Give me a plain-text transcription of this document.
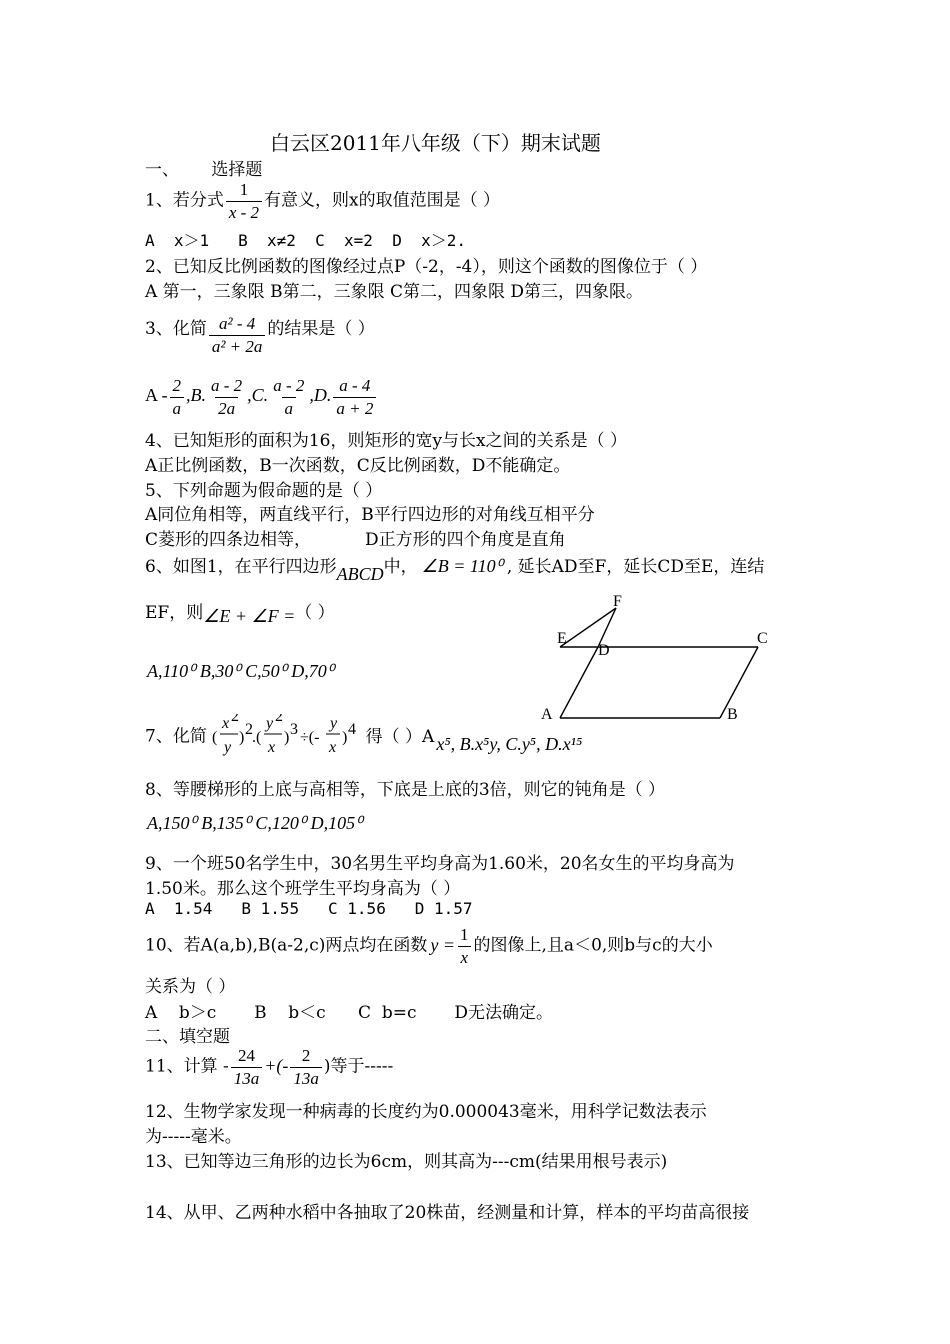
白云区2011年八年级（下）期末试题
一、      选择题
1、若分式 $\frac{1}{x - 2}$ 有意义，则x的取值范围是（ ）
A  x＞1   B  x≠2  C  x=2  D  x＞2.
2、已知反比例函数的图像经过点P（-2，-4），则这个函数的图像位于（ ）
A 第一，三象限 B第二，三象限 C第二，四象限 D第三，四象限。
3、化简 $\frac{\text{a² - 4}}{\text{a² + 2a}}$ 的结果是（ ）
A - $\frac{2}{a} ,B$. $\frac{a - 2}{2a} ,C$. $\frac{a - 2}{a} ,D$. $\frac{a - 4}{a + 2}$
4、已知矩形的面积为16，则矩形的宽y与长x之间的关系是（ ）
A正比例函数，B一次函数，C反比例函数，D不能确定。
5、下列命题为假命题的是（ ）
A同位角相等，两直线平行，B平行四边形的对角线互相平分
C菱形的四条边相等，          D正方形的四个角度是直角
6、如图1，在平行四边形ABCD中， ∠B = 110⁰ , 延长AD至F，延长CD至E，连结
EF，则∠E + ∠F =（ ）
A,110⁰ B,30⁰ C,50⁰ D,70⁰
F
E
D
C
A	B
7、化简 (
x 2
y
) 2 .(
y 2
x
) 3 ÷(-
y
x
) 4 得（ ）A x⁵, B.x⁵y, C.y⁵, D.x¹⁵
8、等腰梯形的上底与高相等，下底是上底的3倍，则它的钝角是（ ）
A,150⁰ B,135⁰ C,120⁰ D,105⁰
9、一个班50名学生中，30名男生平均身高为1.60米，20名女生的平均身高为
1.50米。那么这个班学生平均身高为（ ）
A  1.54   B 1.55   C 1.56   D 1.57
10、若A(a,b),B(a-2,c)两点均在函数 $y = \frac{1}{x}$ 的图像上,且a＜0,则b与c的大小
关系为（ ）
A    b＞c       B    b＜c      C  b=c       D无法确定。
二、填空题
11、计算 - $\frac{24}{13a}$ +(- $\frac{2}{13a}$ )等于-----
12、生物学家发现一种病毒的长度约为0.000043毫米，用科学记数法表示
为-----毫米。
13、已知等边三角形的边长为6cm，则其高为---cm(结果用根号表示)
14、从甲、乙两种水稻中各抽取了20株苗，经测量和计算，样本的平均苗高很接
